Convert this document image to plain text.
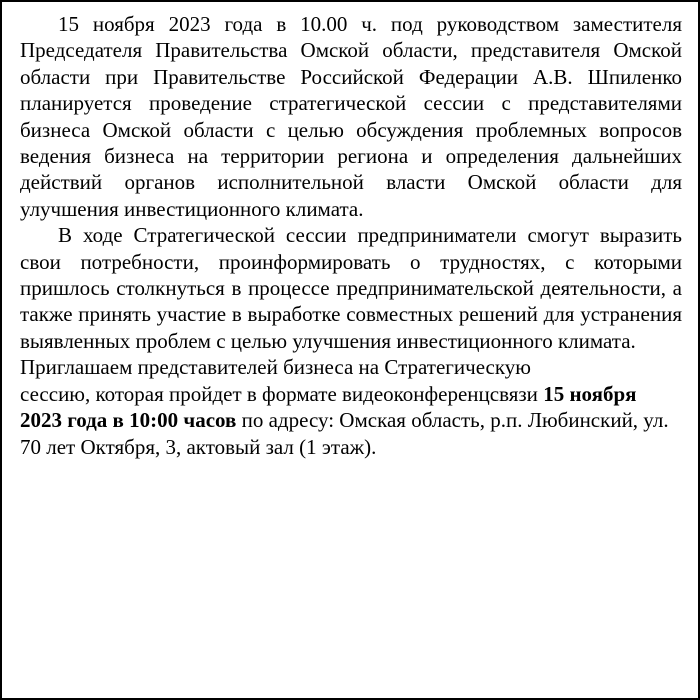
15 ноября 2023 года в 10.00 ч. под руководством заместителя Председателя Правительства Омской области, представителя Омской области при Правительстве Российской Федерации А.В. Шпиленко планируется проведение стратегической сессии с представителями бизнеса Омской области с целью обсуждения проблемных вопросов ведения бизнеса на территории региона и определения дальнейших действий органов исполнительной власти Омской области для улучшения инвестиционного климата.

В ходе Стратегической сессии предприниматели смогут выразить свои потребности, проинформировать о трудностях, с которыми пришлось столкнуться в процессе предпринимательской деятельности, а также принять участие в выработке совместных решений для устранения выявленных проблем с целью улучшения инвестиционного климата.

Приглашаем представителей бизнеса на Стратегическую
сессию, которая пройдет в формате видеоконференцсвязи 15 ноября 2023 года в 10:00 часов по адресу: Омская область, р.п. Любинский, ул. 70 лет Октября, 3, актовый зал (1 этаж).
